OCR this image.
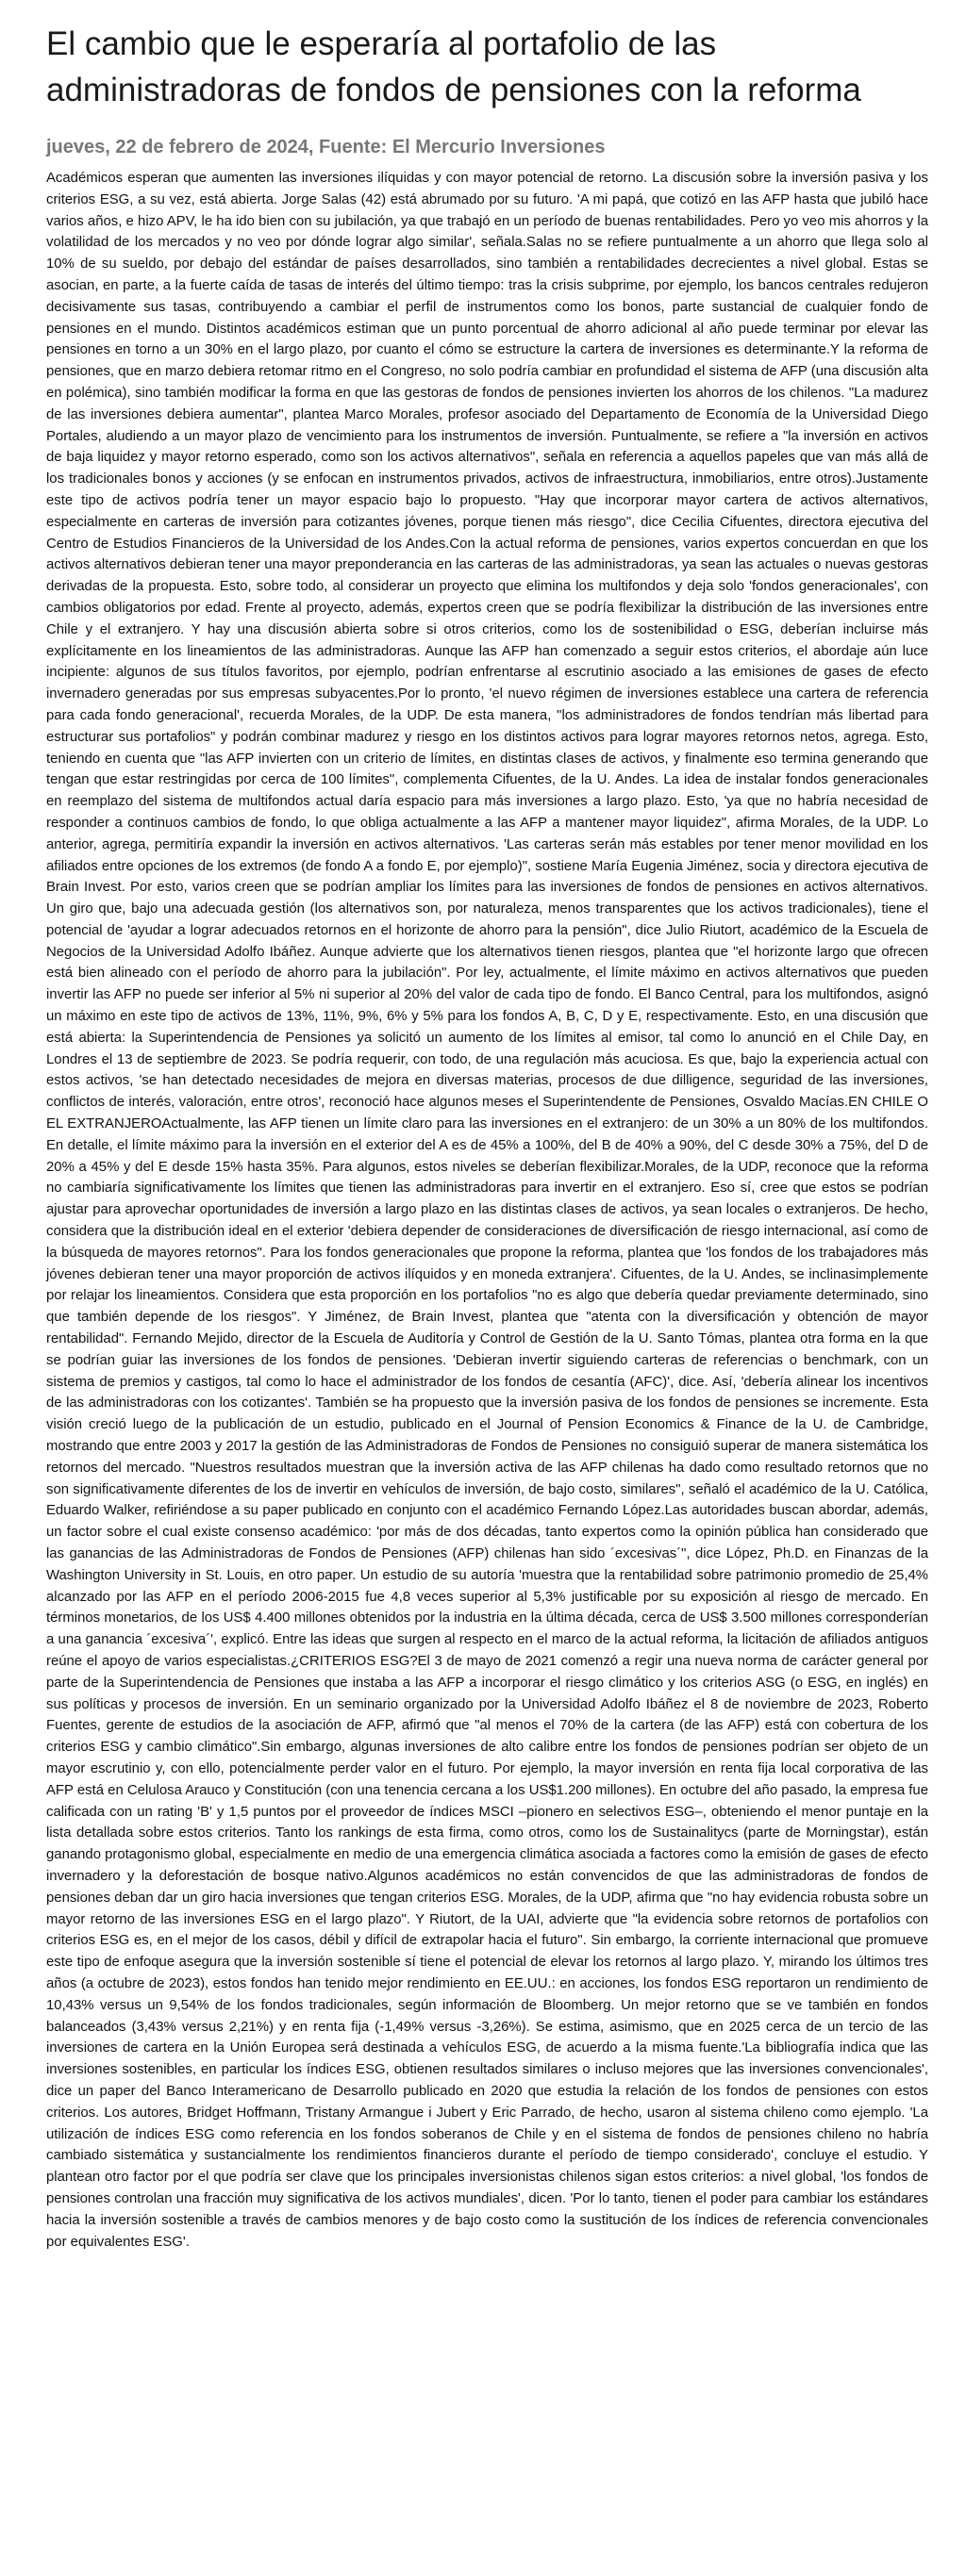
El cambio que le esperaría al portafolio de las administradoras de fondos de pensiones con la reforma
jueves, 22 de febrero de 2024, Fuente: El Mercurio Inversiones

Académicos esperan que aumenten las inversiones ilíquidas y con mayor potencial de retorno. La discusión sobre la inversión pasiva y los criterios ESG, a su vez, está abierta. Jorge Salas (42) está abrumado por su futuro. 'A mi papá, que cotizó en las AFP hasta que jubiló hace varios años, e hizo APV, le ha ido bien con su jubilación, ya que trabajó en un período de buenas rentabilidades. Pero yo veo mis ahorros y la volatilidad de los mercados y no veo por dónde lograr algo similar', señala.Salas no se refiere puntualmente a un ahorro que llega solo al 10% de su sueldo, por debajo del estándar de países desarrollados, sino también a rentabilidades decrecientes a nivel global. Estas se asocian, en parte, a la fuerte caída de tasas de interés del último tiempo: tras la crisis subprime, por ejemplo, los bancos centrales redujeron decisivamente sus tasas, contribuyendo a cambiar el perfil de instrumentos como los bonos, parte sustancial de cualquier fondo de pensiones en el mundo. Distintos académicos estiman que un punto porcentual de ahorro adicional al año puede terminar por elevar las pensiones en torno a un 30% en el largo plazo, por cuanto el cómo se estructure la cartera de inversiones es determinante.Y la reforma de pensiones, que en marzo debiera retomar ritmo en el Congreso, no solo podría cambiar en profundidad el sistema de AFP (una discusión alta en polémica), sino también modificar la forma en que las gestoras de fondos de pensiones invierten los ahorros de los chilenos. "La madurez de las inversiones debiera aumentar", plantea Marco Morales, profesor asociado del Departamento de Economía de la Universidad Diego Portales, aludiendo a un mayor plazo de vencimiento para los instrumentos de inversión. Puntualmente, se refiere a "la inversión en activos de baja liquidez y mayor retorno esperado, como son los activos alternativos", señala en referencia a aquellos papeles que van más allá de los tradicionales bonos y acciones (y se enfocan en instrumentos privados, activos de infraestructura, inmobiliarios, entre otros).Justamente este tipo de activos podría tener un mayor espacio bajo lo propuesto. "Hay que incorporar mayor cartera de activos alternativos, especialmente en carteras de inversión para cotizantes jóvenes, porque tienen más riesgo", dice Cecilia Cifuentes, directora ejecutiva del Centro de Estudios Financieros de la Universidad de los Andes.Con la actual reforma de pensiones, varios expertos concuerdan en que los activos alternativos debieran tener una mayor preponderancia en las carteras de las administradoras, ya sean las actuales o nuevas gestoras derivadas de la propuesta. Esto, sobre todo, al considerar un proyecto que elimina los multifondos y deja solo 'fondos generacionales', con cambios obligatorios por edad. Frente al proyecto, además, expertos creen que se podría flexibilizar la distribución de las inversiones entre Chile y el extranjero. Y hay una discusión abierta sobre si otros criterios, como los de sostenibilidad o ESG, deberían incluirse más explícitamente en los lineamientos de las administradoras. Aunque las AFP han comenzado a seguir estos criterios, el abordaje aún luce incipiente: algunos de sus títulos favoritos, por ejemplo, podrían enfrentarse al escrutinio asociado a las emisiones de gases de efecto invernadero generadas por sus empresas subyacentes.Por lo pronto, 'el nuevo régimen de inversiones establece una cartera de referencia para cada fondo generacional', recuerda Morales, de la UDP. De esta manera, "los administradores de fondos tendrían más libertad para estructurar sus portafolios" y podrán combinar madurez y riesgo en los distintos activos para lograr mayores retornos netos, agrega. Esto, teniendo en cuenta que "las AFP invierten con un criterio de límites, en distintas clases de activos, y finalmente eso termina generando que tengan que estar restringidas por cerca de 100 límites", complementa Cifuentes, de la U. Andes. La idea de instalar fondos generacionales en reemplazo del sistema de multifondos actual daría espacio para más inversiones a largo plazo. Esto, 'ya que no habría necesidad de responder a continuos cambios de fondo, lo que obliga actualmente a las AFP a mantener mayor liquidez", afirma Morales, de la UDP. Lo anterior, agrega, permitiría expandir la inversión en activos alternativos. 'Las carteras serán más estables por tener menor movilidad en los afiliados entre opciones de los extremos (de fondo A a fondo E, por ejemplo)", sostiene María Eugenia Jiménez, socia y directora ejecutiva de Brain Invest. Por esto, varios creen que se podrían ampliar los límites para las inversiones de fondos de pensiones en activos alternativos. Un giro que, bajo una adecuada gestión (los alternativos son, por naturaleza, menos transparentes que los activos tradicionales), tiene el potencial de 'ayudar a lograr adecuados retornos en el horizonte de ahorro para la pensión", dice Julio Riutort, académico de la Escuela de Negocios de la Universidad Adolfo Ibáñez. Aunque advierte que los alternativos tienen riesgos, plantea que "el horizonte largo que ofrecen está bien alineado con el período de ahorro para la jubilación". Por ley, actualmente, el límite máximo en activos alternativos que pueden invertir las AFP no puede ser inferior al 5% ni superior al 20% del valor de cada tipo de fondo. El Banco Central, para los multifondos, asignó un máximo en este tipo de activos de 13%, 11%, 9%, 6% y 5% para los fondos A, B, C, D y E, respectivamente. Esto, en una discusión que está abierta: la Superintendencia de Pensiones ya solicitó un aumento de los límites al emisor, tal como lo anunció en el Chile Day, en Londres el 13 de septiembre de 2023. Se podría requerir, con todo, de una regulación más acuciosa. Es que, bajo la experiencia actual con estos activos, 'se han detectado necesidades de mejora en diversas materias, procesos de due dilligence, seguridad de las inversiones, conflictos de interés, valoración, entre otros', reconoció hace algunos meses el Superintendente de Pensiones, Osvaldo Macías.EN CHILE O EL EXTRANJEROActualmente, las AFP tienen un límite claro para las inversiones en el extranjero: de un 30% a un 80% de los multifondos. En detalle, el límite máximo para la inversión en el exterior del A es de 45% a 100%, del B de 40% a 90%, del C desde 30% a 75%, del D de 20% a 45% y del E desde 15% hasta 35%. Para algunos, estos niveles se deberían flexibilizar.Morales, de la UDP, reconoce que la reforma no cambiaría significativamente los límites que tienen las administradoras para invertir en el extranjero. Eso sí, cree que estos se podrían ajustar para aprovechar oportunidades de inversión a largo plazo en las distintas clases de activos, ya sean locales o extranjeros. De hecho, considera que la distribución ideal en el exterior 'debiera depender de consideraciones de diversificación de riesgo internacional, así como de la búsqueda de mayores retornos". Para los fondos generacionales que propone la reforma, plantea que 'los fondos de los trabajadores más jóvenes debieran tener una mayor proporción de activos ilíquidos y en moneda extranjera'. Cifuentes, de la U. Andes, se inclinasimplemente por relajar los lineamientos. Considera que esta proporción en los portafolios "no es algo que debería quedar previamente determinado, sino que también depende de los riesgos". Y Jiménez, de Brain Invest, plantea que "atenta con la diversificación y obtención de mayor rentabilidad". Fernando Mejido, director de la Escuela de Auditoría y Control de Gestión de la U. Santo Tómas, plantea otra forma en la que se podrían guiar las inversiones de los fondos de pensiones. 'Debieran invertir siguiendo carteras de referencias o benchmark, con un sistema de premios y castigos, tal como lo hace el administrador de los fondos de cesantía (AFC)', dice. Así, 'debería alinear los incentivos de las administradoras con los cotizantes'. También se ha propuesto que la inversión pasiva de los fondos de pensiones se incremente. Esta visión creció luego de la publicación de un estudio, publicado en el Journal of Pension Economics & Finance de la U. de Cambridge, mostrando que entre 2003 y 2017 la gestión de las Administradoras de Fondos de Pensiones no consiguió superar de manera sistemática los retornos del mercado. "Nuestros resultados muestran que la inversión activa de las AFP chilenas ha dado como resultado retornos que no son significativamente diferentes de los de invertir en vehículos de inversión, de bajo costo, similares", señaló el académico de la U. Católica, Eduardo Walker, refiriéndose a su paper publicado en conjunto con el académico Fernando López.Las autoridades buscan abordar, además, un factor sobre el cual existe consenso académico: 'por más de dos décadas, tanto expertos como la opinión pública han considerado que las ganancias de las Administradoras de Fondos de Pensiones (AFP) chilenas han sido ´excesivas´", dice López, Ph.D. en Finanzas de la Washington University in St. Louis, en otro paper. Un estudio de su autoría 'muestra que la rentabilidad sobre patrimonio promedio de 25,4% alcanzado por las AFP en el período 2006-2015 fue 4,8 veces superior al 5,3% justificable por su exposición al riesgo de mercado. En términos monetarios, de los US$ 4.400 millones obtenidos por la industria en la última década, cerca de US$ 3.500 millones corresponderían a una ganancia ´excesiva´', explicó. Entre las ideas que surgen al respecto en el marco de la actual reforma, la licitación de afiliados antiguos reúne el apoyo de varios especialistas.¿CRITERIOS ESG?El 3 de mayo de 2021 comenzó a regir una nueva norma de carácter general por parte de la Superintendencia de Pensiones que instaba a las AFP a incorporar el riesgo climático y los criterios ASG (o ESG, en inglés) en sus políticas y procesos de inversión. En un seminario organizado por la Universidad Adolfo Ibáñez el 8 de noviembre de 2023, Roberto Fuentes, gerente de estudios de la asociación de AFP, afirmó que "al menos el 70% de la cartera (de las AFP) está con cobertura de los criterios ESG y cambio climático".Sin embargo, algunas inversiones de alto calibre entre los fondos de pensiones podrían ser objeto de un mayor escrutinio y, con ello, potencialmente perder valor en el futuro. Por ejemplo, la mayor inversión en renta fija local corporativa de las AFP está en Celulosa Arauco y Constitución (con una tenencia cercana a los US$1.200 millones). En octubre del año pasado, la empresa fue calificada con un rating 'B' y 1,5 puntos por el proveedor de índices MSCI –pionero en selectivos ESG–, obteniendo el menor puntaje en la lista detallada sobre estos criterios. Tanto los rankings de esta firma, como otros, como los de Sustainalitycs (parte de Morningstar), están ganando protagonismo global, especialmente en medio de una emergencia climática asociada a factores como la emisión de gases de efecto invernadero y la deforestación de bosque nativo.Algunos académicos no están convencidos de que las administradoras de fondos de pensiones deban dar un giro hacia inversiones que tengan criterios ESG. Morales, de la UDP, afirma que "no hay evidencia robusta sobre un mayor retorno de las inversiones ESG en el largo plazo". Y Riutort, de la UAI, advierte que "la evidencia sobre retornos de portafolios con criterios ESG es, en el mejor de los casos, débil y difícil de extrapolar hacia el futuro". Sin embargo, la corriente internacional que promueve este tipo de enfoque asegura que la inversión sostenible sí tiene el potencial de elevar los retornos al largo plazo. Y, mirando los últimos tres años (a octubre de 2023), estos fondos han tenido mejor rendimiento en EE.UU.: en acciones, los fondos ESG reportaron un rendimiento de 10,43% versus un 9,54% de los fondos tradicionales, según información de Bloomberg. Un mejor retorno que se ve también en fondos balanceados (3,43% versus 2,21%) y en renta fija (-1,49% versus -3,26%). Se estima, asimismo, que en 2025 cerca de un tercio de las inversiones de cartera en la Unión Europea será destinada a vehículos ESG, de acuerdo a la misma fuente.'La bibliografía indica que las inversiones sostenibles, en particular los índices ESG, obtienen resultados similares o incluso mejores que las inversiones convencionales', dice un paper del Banco Interamericano de Desarrollo publicado en 2020 que estudia la relación de los fondos de pensiones con estos criterios. Los autores, Bridget Hoffmann, Tristany Armangue i Jubert y Eric Parrado, de hecho, usaron al sistema chileno como ejemplo. 'La utilización de índices ESG como referencia en los fondos soberanos de Chile y en el sistema de fondos de pensiones chileno no habría cambiado sistemática y sustancialmente los rendimientos financieros durante el período de tiempo considerado', concluye el estudio. Y plantean otro factor por el que podría ser clave que los principales inversionistas chilenos sigan estos criterios: a nivel global, 'los fondos de pensiones controlan una fracción muy significativa de los activos mundiales', dicen. 'Por lo tanto, tienen el poder para cambiar los estándares hacia la inversión sostenible a través de cambios menores y de bajo costo como la sustitución de los índices de referencia convencionales por equivalentes ESG'.
